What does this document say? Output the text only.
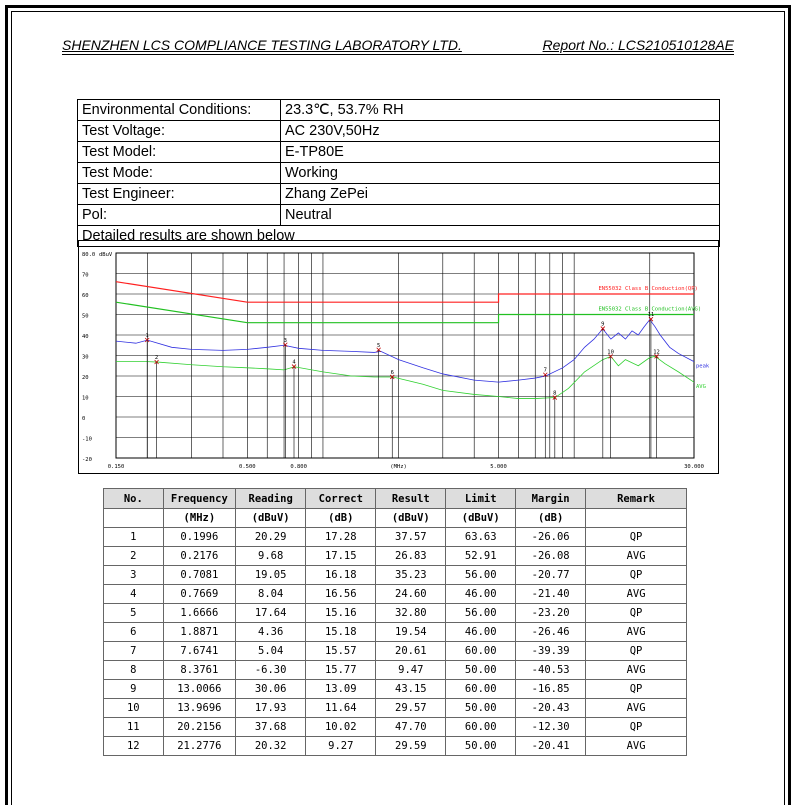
SHENZHEN LCS COMPLIANCE TESTING LABORATORY LTD.	Report No.: LCS210510128AE
Environmental Conditions:	23.3℃, 53.7% RH
Test Voltage:	AC 230V,50Hz
Test Model:	E-TP80E
Test Mode:	Working
Test Engineer:	Zhang ZePei
Pol:	Neutral
Detailed results are shown below	
80.0
70
60
50
40
30
20
10
0
-10
-20
dBuV
0.150	0.500	0.800	(MHz)	5.000	30.000
EN55032 Class B Conduction(QP)
EN55032 Class B Conduction(AVG)
peak
AVG
1
2
3
4
5
6	7
8
9
10
11
12
No.	Frequency	Reading	Correct	Result	Limit	Margin	Remark
	(MHz)	(dBuV)	(dB)	(dBuV)	(dBuV)	(dB)	
1	0.1996	20.29	17.28	37.57	63.63	-26.06	QP
2	0.2176	9.68	17.15	26.83	52.91	-26.08	AVG
3	0.7081	19.05	16.18	35.23	56.00	-20.77	QP
4	0.7669	8.04	16.56	24.60	46.00	-21.40	AVG
5	1.6666	17.64	15.16	32.80	56.00	-23.20	QP
6	1.8871	4.36	15.18	19.54	46.00	-26.46	AVG
7	7.6741	5.04	15.57	20.61	60.00	-39.39	QP
8	8.3761	-6.30	15.77	9.47	50.00	-40.53	AVG
9	13.0066	30.06	13.09	43.15	60.00	-16.85	QP
10	13.9696	17.93	11.64	29.57	50.00	-20.43	AVG
11	20.2156	37.68	10.02	47.70	60.00	-12.30	QP
12	21.2776	20.32	9.27	29.59	50.00	-20.41	AVG
